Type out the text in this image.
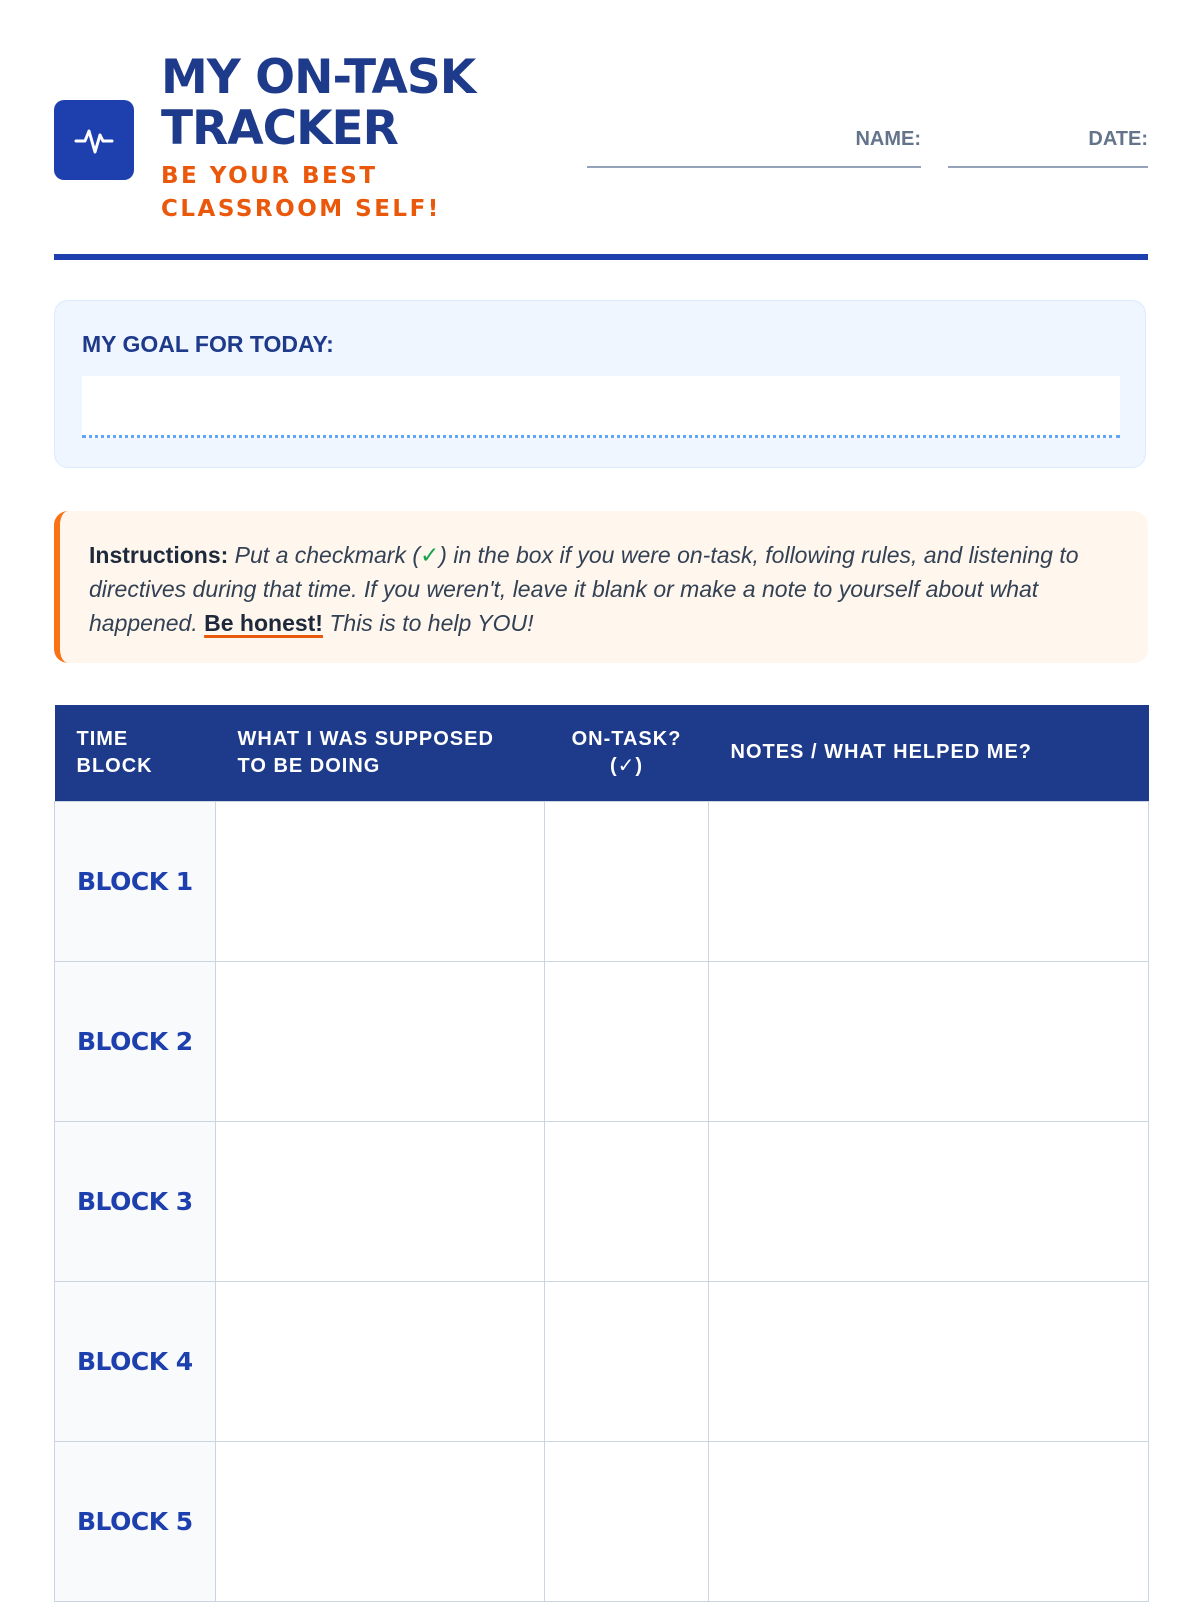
MY ON-TASK TRACKER
BE YOUR BEST CLASSROOM SELF!
NAME:	DATE:
MY GOAL FOR TODAY:
Instructions: Put a checkmark (✓) in the box if you were on-task, following rules, and listening to directives during that time. If you weren't, leave it blank or make a note to yourself about what happened. Be honest! This is to help YOU!
TIME BLOCK	WHAT I WAS SUPPOSED TO BE DOING	ON-TASK? (✓)	NOTES / WHAT HELPED ME?
BLOCK 1			
BLOCK 2			
BLOCK 3			
BLOCK 4			
BLOCK 5			
